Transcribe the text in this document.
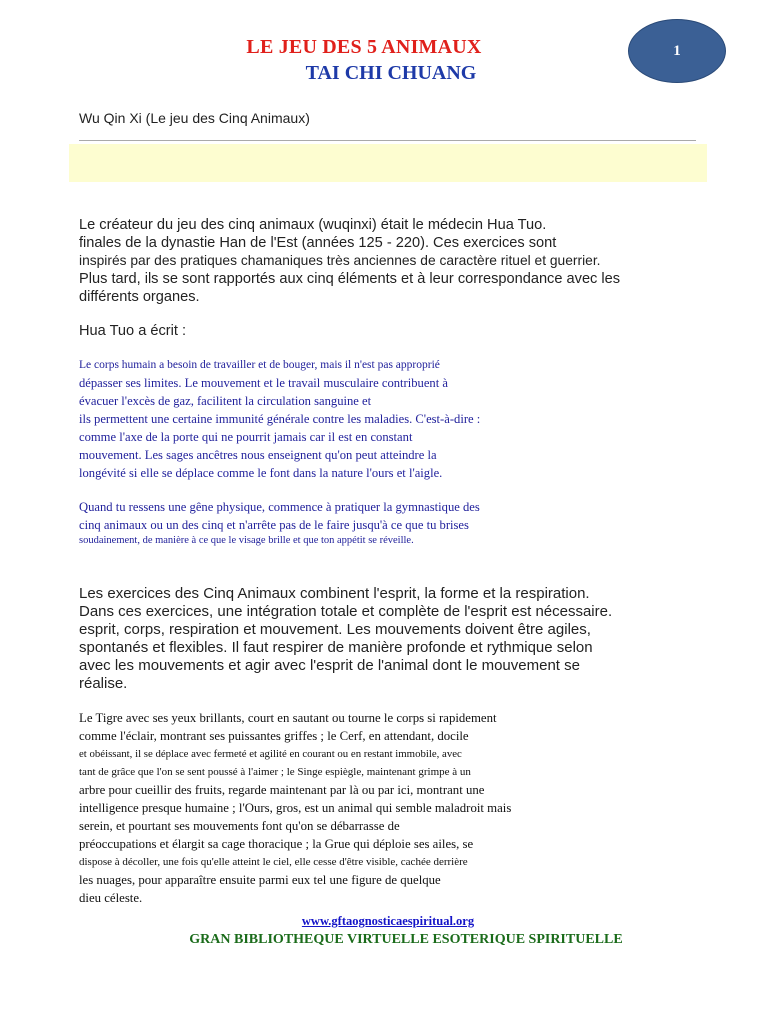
LE JEU DES 5 ANIMAUX
TAI CHI CHUANG
1
Wu Qin Xi (Le jeu des Cinq Animaux)
Le créateur du jeu des cinq animaux (wuqinxi) était le médecin Hua Tuo.
finales de la dynastie Han de l'Est (années 125 - 220). Ces exercices sont
inspirés par des pratiques chamaniques très anciennes de caractère rituel et guerrier.
Plus tard, ils se sont rapportés aux cinq éléments et à leur correspondance avec les
différents organes.
Hua Tuo a écrit :
Le corps humain a besoin de travailler et de bouger, mais il n'est pas approprié
dépasser ses limites. Le mouvement et le travail musculaire contribuent à
évacuer l'excès de gaz, facilitent la circulation sanguine et
ils permettent une certaine immunité générale contre les maladies. C'est-à-dire :
comme l'axe de la porte qui ne pourrit jamais car il est en constant
mouvement. Les sages ancêtres nous enseignent qu'on peut atteindre la
longévité si elle se déplace comme le font dans la nature l'ours et l'aigle.
Quand tu ressens une gêne physique, commence à pratiquer la gymnastique des
cinq animaux ou un des cinq et n'arrête pas de le faire jusqu'à ce que tu brises
soudainement, de manière à ce que le visage brille et que ton appétit se réveille.
Les exercices des Cinq Animaux combinent l'esprit, la forme et la respiration.
Dans ces exercices, une intégration totale et complète de l'esprit est nécessaire.
esprit, corps, respiration et mouvement. Les mouvements doivent être agiles,
spontanés et flexibles. Il faut respirer de manière profonde et rythmique selon
avec les mouvements et agir avec l'esprit de l'animal dont le mouvement se
réalise.
Le Tigre avec ses yeux brillants, court en sautant ou tourne le corps si rapidement
comme l'éclair, montrant ses puissantes griffes ; le Cerf, en attendant, docile
et obéissant, il se déplace avec fermeté et agilité en courant ou en restant immobile, avec
tant de grâce que l'on se sent poussé à l'aimer ; le Singe espiègle, maintenant grimpe à un
arbre pour cueillir des fruits, regarde maintenant par là ou par ici, montrant une
intelligence presque humaine ; l'Ours, gros, est un animal qui semble maladroit mais
serein, et pourtant ses mouvements font qu'on se débarrasse de
préoccupations et élargit sa cage thoracique ; la Grue qui déploie ses ailes, se
dispose à décoller, une fois qu'elle atteint le ciel, elle cesse d'être visible, cachée derrière
les nuages, pour apparaître ensuite parmi eux tel une figure de quelque
dieu céleste.
www.gftaognosticaespiritual.org
GRAN BIBLIOTHEQUE VIRTUELLE ESOTERIQUE SPIRITUELLE
